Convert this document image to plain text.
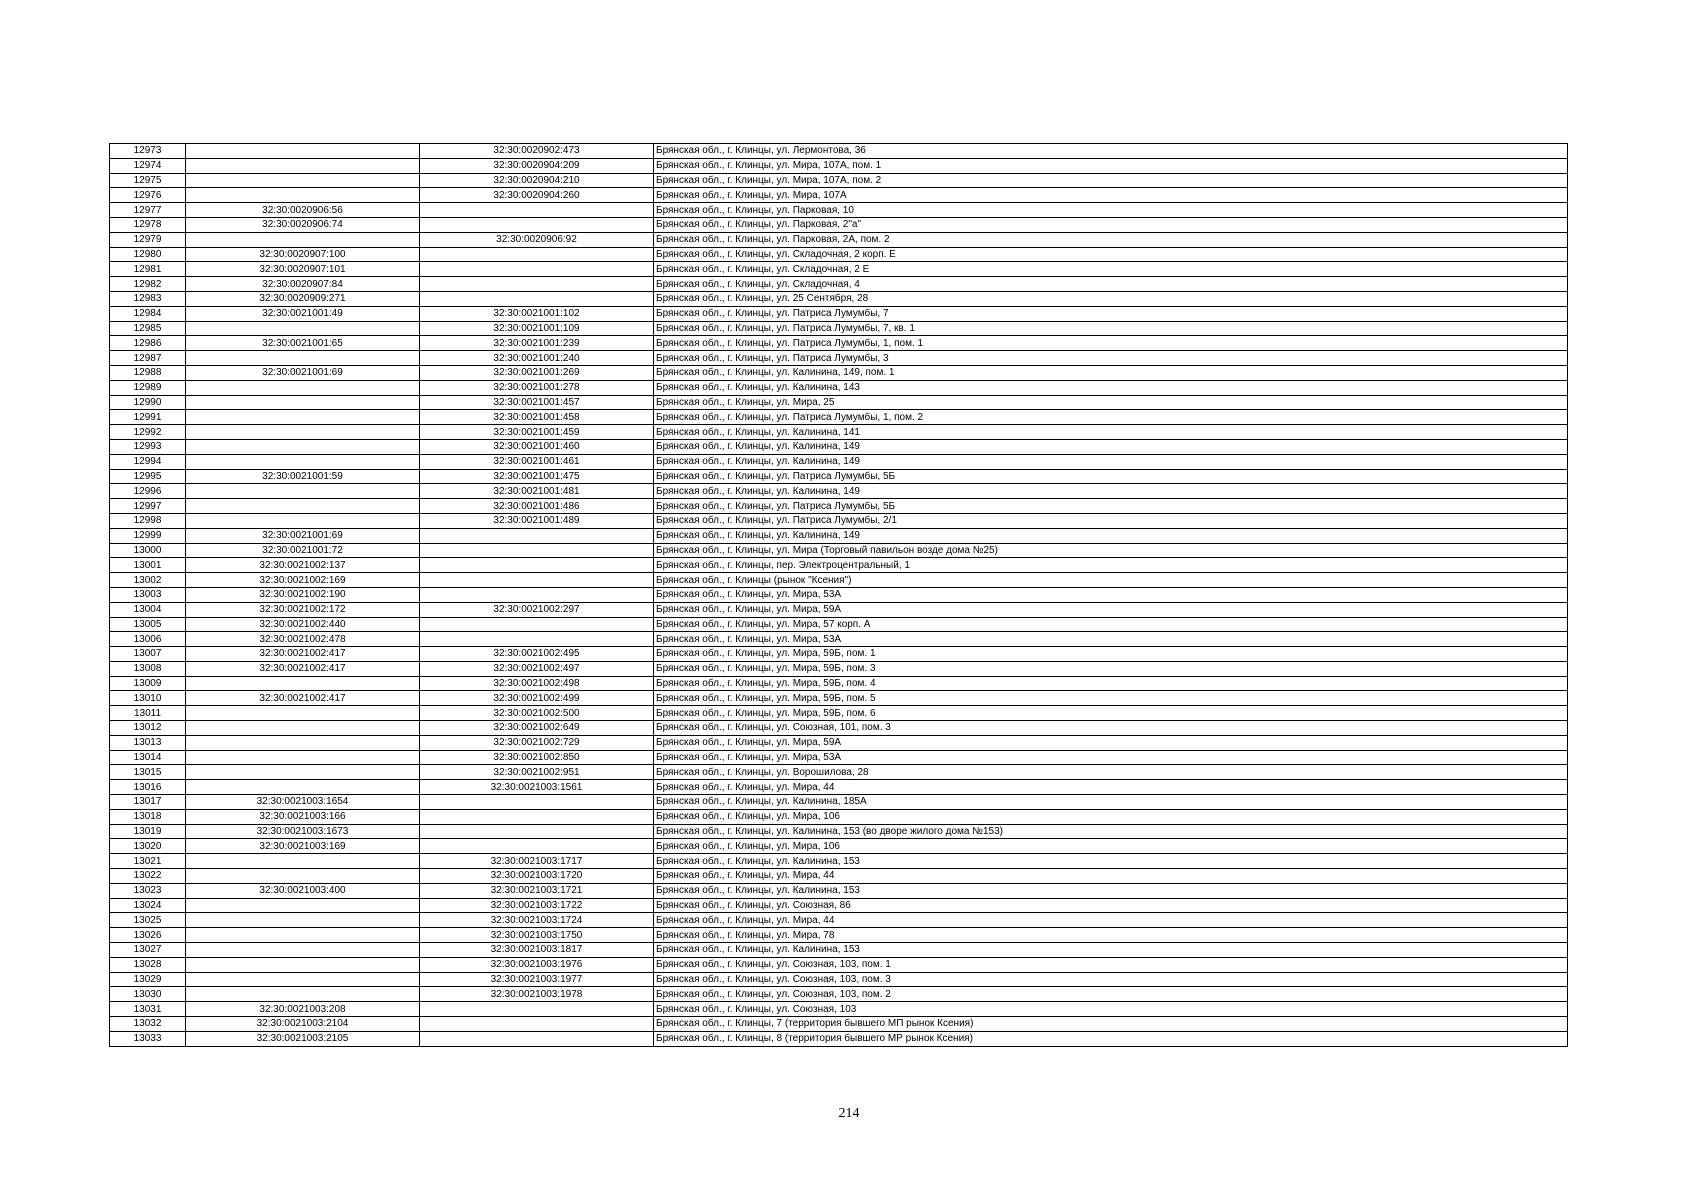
12973		32:30:0020902:473	Брянская обл., г. Клинцы, ул. Лермонтова, 36
12974		32:30:0020904:209	Брянская обл., г. Клинцы, ул. Мира, 107А, пом. 1
12975		32:30:0020904:210	Брянская обл., г. Клинцы, ул. Мира, 107А, пом. 2
12976		32:30:0020904:260	Брянская обл., г. Клинцы, ул. Мира, 107А
12977	32:30:0020906:56		Брянская обл., г. Клинцы, ул. Парковая, 10
12978	32:30:0020906:74		Брянская обл., г. Клинцы, ул. Парковая, 2"а"
12979		32:30:0020906:92	Брянская обл., г. Клинцы, ул. Парковая, 2А, пом. 2
12980	32:30:0020907:100		Брянская обл., г. Клинцы, ул. Складочная, 2 корп. Е
12981	32:30:0020907:101		Брянская обл., г. Клинцы, ул. Складочная, 2 Е
12982	32:30:0020907:84		Брянская обл., г. Клинцы, ул. Складочная, 4
12983	32:30:0020909:271		Брянская обл., г. Клинцы, ул. 25 Сентября, 28
12984	32:30:0021001:49	32:30:0021001:102	Брянская обл., г. Клинцы, ул. Патриса Лумумбы, 7
12985		32:30:0021001:109	Брянская обл., г. Клинцы, ул. Патриса Лумумбы, 7, кв. 1
12986	32:30:0021001:65	32:30:0021001:239	Брянская обл., г. Клинцы, ул. Патриса Лумумбы, 1, пом. 1
12987		32:30:0021001:240	Брянская обл., г. Клинцы, ул. Патриса Лумумбы, 3
12988	32:30:0021001:69	32:30:0021001:269	Брянская обл., г. Клинцы, ул. Калинина, 149, пом. 1
12989		32:30:0021001:278	Брянская обл., г. Клинцы, ул. Калинина, 143
12990		32:30:0021001:457	Брянская обл., г. Клинцы, ул. Мира, 25
12991		32:30:0021001:458	Брянская обл., г. Клинцы, ул. Патриса Лумумбы, 1, пом. 2
12992		32:30:0021001:459	Брянская обл., г. Клинцы, ул. Калинина, 141
12993		32:30:0021001:460	Брянская обл., г. Клинцы, ул. Калинина, 149
12994		32:30:0021001:461	Брянская обл., г. Клинцы, ул. Калинина, 149
12995	32:30:0021001:59	32:30:0021001:475	Брянская обл., г. Клинцы, ул. Патриса Лумумбы, 5Б
12996		32:30:0021001:481	Брянская обл., г. Клинцы, ул. Калинина, 149
12997		32:30:0021001:486	Брянская обл., г. Клинцы, ул. Патриса Лумумбы, 5Б
12998		32:30:0021001:489	Брянская обл., г. Клинцы, ул. Патриса Лумумбы, 2/1
12999	32:30:0021001:69		Брянская обл., г. Клинцы, ул. Калинина, 149
13000	32:30:0021001:72		Брянская обл., г. Клинцы, ул. Мира (Торговый павильон возде дома №25)
13001	32:30:0021002:137		Брянская обл., г. Клинцы, пер. Электроцентральный, 1
13002	32:30:0021002:169		Брянская обл., г. Клинцы (рынок "Ксения")
13003	32:30:0021002:190		Брянская обл., г. Клинцы, ул. Мира, 53А
13004	32:30:0021002:172	32:30:0021002:297	Брянская обл., г. Клинцы, ул. Мира, 59А
13005	32:30:0021002:440		Брянская обл., г. Клинцы, ул. Мира, 57 корп. А
13006	32:30:0021002:478		Брянская обл., г. Клинцы, ул. Мира, 53А
13007	32:30:0021002:417	32:30:0021002:495	Брянская обл., г. Клинцы, ул. Мира, 59Б, пом. 1
13008	32:30:0021002:417	32:30:0021002:497	Брянская обл., г. Клинцы, ул. Мира, 59Б, пом. 3
13009		32:30:0021002:498	Брянская обл., г. Клинцы, ул. Мира, 59Б, пом. 4
13010	32:30:0021002:417	32:30:0021002:499	Брянская обл., г. Клинцы, ул. Мира, 59Б, пом. 5
13011		32:30:0021002:500	Брянская обл., г. Клинцы, ул. Мира, 59Б, пом. 6
13012		32:30:0021002:649	Брянская обл., г. Клинцы, ул. Союзная, 101, пом. 3
13013		32:30:0021002:729	Брянская обл., г. Клинцы, ул. Мира, 59А
13014		32:30:0021002:850	Брянская обл., г. Клинцы, ул. Мира, 53А
13015		32:30:0021002:951	Брянская обл., г. Клинцы, ул. Ворошилова, 28
13016		32:30:0021003:1561	Брянская обл., г. Клинцы, ул. Мира, 44
13017	32:30:0021003:1654		Брянская обл., г. Клинцы, ул. Калинина, 185А
13018	32:30:0021003:166		Брянская обл., г. Клинцы, ул. Мира, 106
13019	32:30:0021003:1673		Брянская обл., г. Клинцы, ул. Калинина, 153 (во дворе жилого дома №153)
13020	32:30:0021003:169		Брянская обл., г. Клинцы, ул. Мира, 106
13021		32:30:0021003:1717	Брянская обл., г. Клинцы, ул. Калинина, 153
13022		32:30:0021003:1720	Брянская обл., г. Клинцы, ул. Мира, 44
13023	32:30:0021003:400	32:30:0021003:1721	Брянская обл., г. Клинцы, ул. Калинина, 153
13024		32:30:0021003:1722	Брянская обл., г. Клинцы, ул. Союзная, 86
13025		32:30:0021003:1724	Брянская обл., г. Клинцы, ул. Мира, 44
13026		32:30:0021003:1750	Брянская обл., г. Клинцы, ул. Мира, 78
13027		32:30:0021003:1817	Брянская обл., г. Клинцы, ул. Калинина, 153
13028		32:30:0021003:1976	Брянская обл., г. Клинцы, ул. Союзная, 103, пом. 1
13029		32:30:0021003:1977	Брянская обл., г. Клинцы, ул. Союзная, 103, пом. 3
13030		32:30:0021003:1978	Брянская обл., г. Клинцы, ул. Союзная, 103, пом. 2
13031	32:30:0021003:208		Брянская обл., г. Клинцы, ул. Союзная, 103
13032	32:30:0021003:2104		Брянская обл., г. Клинцы, 7 (территория бывшего МП рынок Ксения)
13033	32:30:0021003:2105		Брянская обл., г. Клинцы, 8 (территория бывшего МР рынок Ксения)
214
